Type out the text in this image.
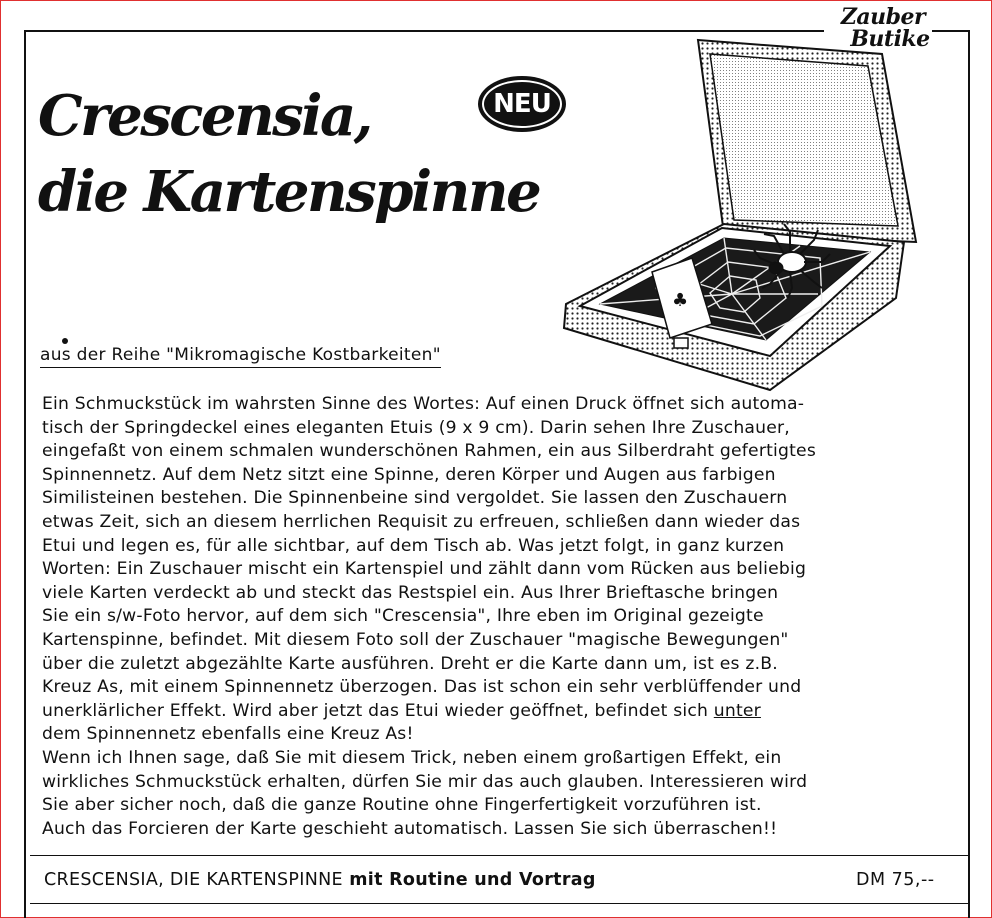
Zauber
Butike
Crescensia,
die Kartenspinne
NEU
♣
aus der Reihe "Mikromagische Kostbarkeiten"
Ein Schmuckstück im wahrsten Sinne des Wortes: Auf einen Druck öffnet sich automa-
tisch der Springdeckel eines eleganten Etuis (9 x 9 cm). Darin sehen Ihre Zuschauer,
eingefaßt von einem schmalen wunderschönen Rahmen, ein aus Silberdraht gefertigtes
Spinnennetz. Auf dem Netz sitzt eine Spinne, deren Körper und Augen aus farbigen
Similisteinen bestehen. Die Spinnenbeine sind vergoldet. Sie lassen den Zuschauern
etwas Zeit, sich an diesem herrlichen Requisit zu erfreuen, schließen dann wieder das
Etui und legen es, für alle sichtbar, auf dem Tisch ab. Was jetzt folgt, in ganz kurzen
Worten: Ein Zuschauer mischt ein Kartenspiel und zählt dann vom Rücken aus beliebig
viele Karten verdeckt ab und steckt das Restspiel ein. Aus Ihrer Brieftasche bringen
Sie ein s/w-Foto hervor, auf dem sich "Crescensia", Ihre eben im Original gezeigte
Kartenspinne, befindet. Mit diesem Foto soll der Zuschauer "magische Bewegungen"
über die zuletzt abgezählte Karte ausführen. Dreht er die Karte dann um, ist es z.B.
Kreuz As, mit einem Spinnennetz überzogen. Das ist schon ein sehr verblüffender und
unerklärlicher Effekt. Wird aber jetzt das Etui wieder geöffnet, befindet sich unter
dem Spinnennetz ebenfalls eine Kreuz As!
Wenn ich Ihnen sage, daß Sie mit diesem Trick, neben einem großartigen Effekt, ein
wirkliches Schmuckstück erhalten, dürfen Sie mir das auch glauben. Interessieren wird
Sie aber sicher noch, daß die ganze Routine ohne Fingerfertigkeit vorzuführen ist.
Auch das Forcieren der Karte geschieht automatisch. Lassen Sie sich überraschen!!
CRESCENSIA, DIE KARTENSPINNE mit Routine und Vortrag	DM 75,--
